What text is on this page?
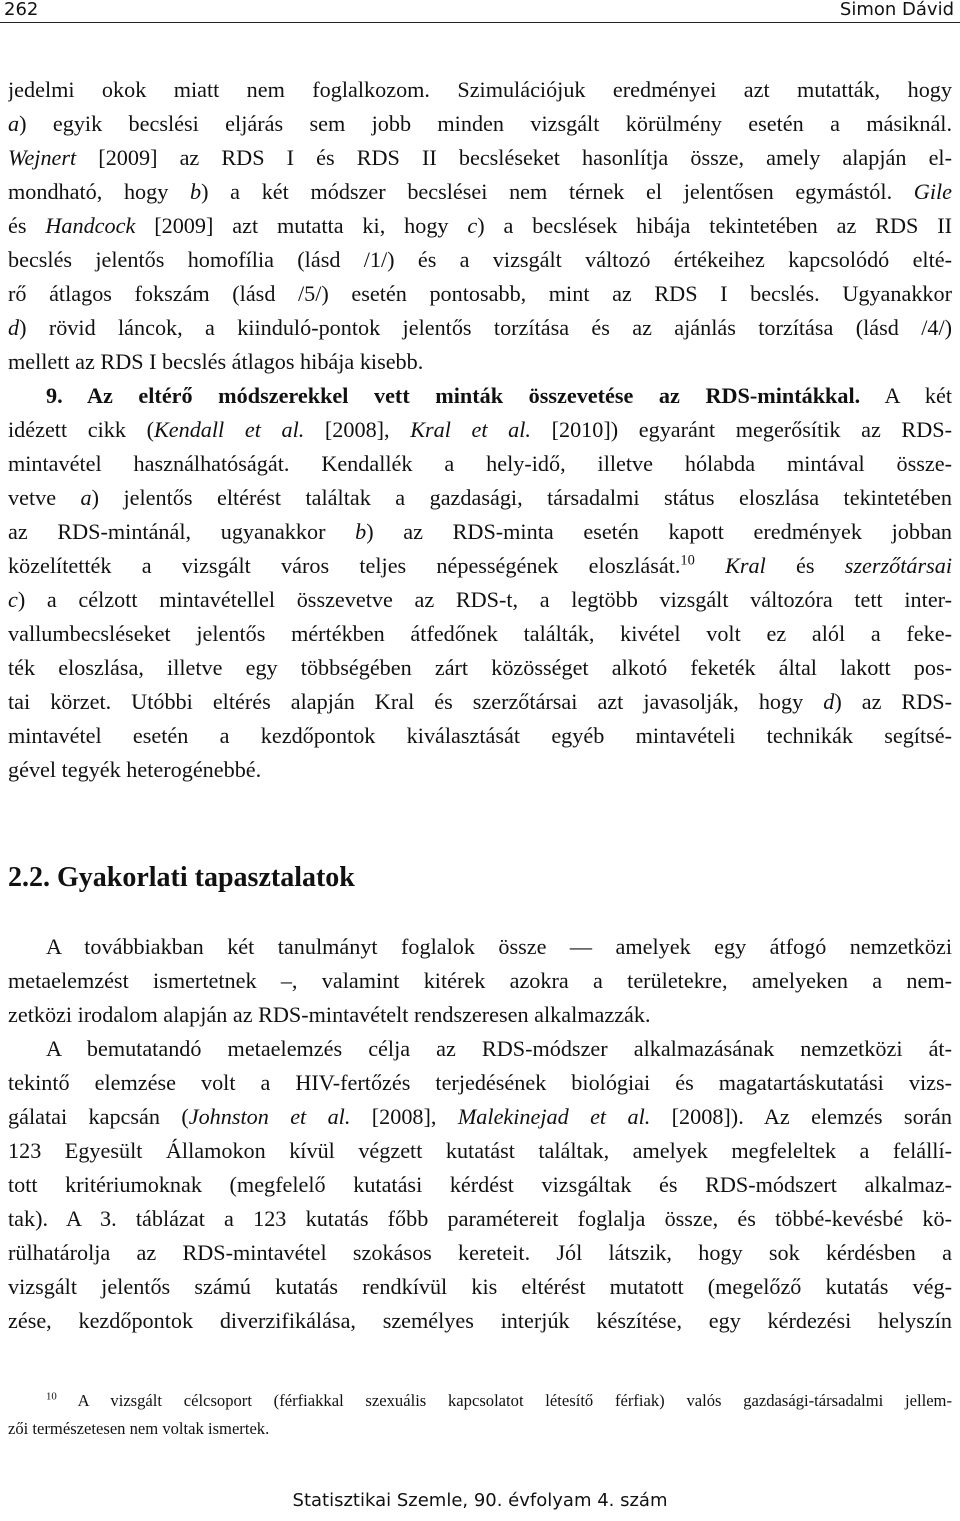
262	Simon Dávid
jedelmi okok miatt nem foglalkozom. Szimulációjuk eredményei azt mutatták, hogy
a) egyik becslési eljárás sem jobb minden vizsgált körülmény esetén a másiknál.
Wejnert [2009] az RDS I és RDS II becsléseket hasonlítja össze, amely alapján el-
mondható, hogy b) a két módszer becslései nem térnek el jelentősen egymástól. Gile
és Handcock [2009] azt mutatta ki, hogy c) a becslések hibája tekintetében az RDS II
becslés jelentős homofília (lásd /1/) és a vizsgált változó értékeihez kapcsolódó elté-
rő átlagos fokszám (lásd /5/) esetén pontosabb, mint az RDS I becslés. Ugyanakkor
d) rövid láncok, a kiinduló-pontok jelentős torzítása és az ajánlás torzítása (lásd /4/)
mellett az RDS I becslés átlagos hibája kisebb.
9. Az eltérő módszerekkel vett minták összevetése az RDS-mintákkal. A két
idézett cikk (Kendall et al. [2008], Kral et al. [2010]) egyaránt megerősítik az RDS-
mintavétel használhatóságát. Kendallék a hely-idő, illetve hólabda mintával össze-
vetve a) jelentős eltérést találtak a gazdasági, társadalmi státus eloszlása tekintetében
az RDS-mintánál, ugyanakkor b) az RDS-minta esetén kapott eredmények jobban
közelítették a vizsgált város teljes népességének eloszlását.$^{10}$ Kral és szerzőtársai
c) a célzott mintavétellel összevetve az RDS-t, a legtöbb vizsgált változóra tett inter-
vallumbecsléseket jelentős mértékben átfedőnek találták, kivétel volt ez alól a feke-
ték eloszlása, illetve egy többségében zárt közösséget alkotó feketék által lakott pos-
tai körzet. Utóbbi eltérés alapján Kral és szerzőtársai azt javasolják, hogy d) az RDS-
mintavétel esetén a kezdőpontok kiválasztását egyéb mintavételi technikák segítsé-
gével tegyék heterogénebbé.
2.2. Gyakorlati tapasztalatok
A továbbiakban két tanulmányt foglalok össze ― amelyek egy átfogó nemzetközi
metaelemzést ismertetnek –, valamint kitérek azokra a területekre, amelyeken a nem-
zetközi irodalom alapján az RDS-mintavételt rendszeresen alkalmazzák.
A bemutatandó metaelemzés célja az RDS-módszer alkalmazásának nemzetközi át-
tekintő elemzése volt a HIV-fertőzés terjedésének biológiai és magatartáskutatási vizs-
gálatai kapcsán (Johnston et al. [2008], Malekinejad et al. [2008]). Az elemzés során
123 Egyesült Államokon kívül végzett kutatást találtak, amelyek megfeleltek a felállí-
tott kritériumoknak (megfelelő kutatási kérdést vizsgáltak és RDS-módszert alkalmaz-
tak). A 3. táblázat a 123 kutatás főbb paramétereit foglalja össze, és többé-kevésbé kö-
rülhatárolja az RDS-mintavétel szokásos kereteit. Jól látszik, hogy sok kérdésben a
vizsgált jelentős számú kutatás rendkívül kis eltérést mutatott (megelőző kutatás vég-
zése, kezdőpontok diverzifikálása, személyes interjúk készítése, egy kérdezési helyszín
$^{10}$ A vizsgált célcsoport (férfiakkal szexuális kapcsolatot létesítő férfiak) valós gazdasági-társadalmi jellem-
zői természetesen nem voltak ismertek.
Statisztikai Szemle, 90. évfolyam 4. szám
